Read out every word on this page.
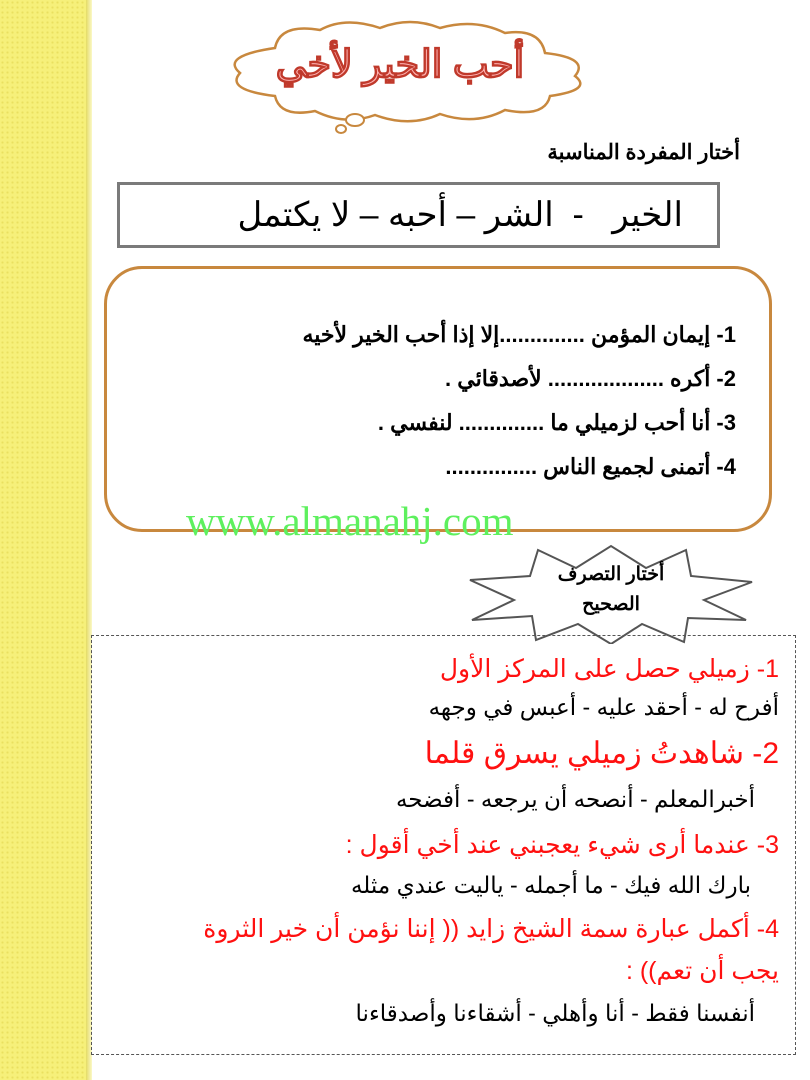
أحب الخير لأخي
أختار المفردة المناسبة
الخير   -  الشر – أحبه – لا يكتمل
1- إيمان المؤمن ..............إلا إذا أحب الخير لأخيه
2- أكره ................... لأصدقائي .
3- أنا أحب لزميلي ما .............. لنفسي .
4- أتمنى لجميع الناس ...............
www.almanahj.com
أختار التصرف
الصحيح
1- زميلي حصل على المركز الأول
أفرح له - أحقد عليه - أعبس في وجهه
2- شاهدتُ زميلي يسرق قلما
أخبرالمعلم - أنصحه أن يرجعه - أفضحه
3- عندما أرى شيء يعجبني عند أخي أقول :
بارك الله فيك - ما أجمله - ياليت عندي مثله
4- أكمل عبارة سمة الشيخ زايد (( إننا نؤمن أن خير الثروة
يجب أن تعم)) :
أنفسنا فقط - أنا وأهلي - أشقاءنا وأصدقاءنا
